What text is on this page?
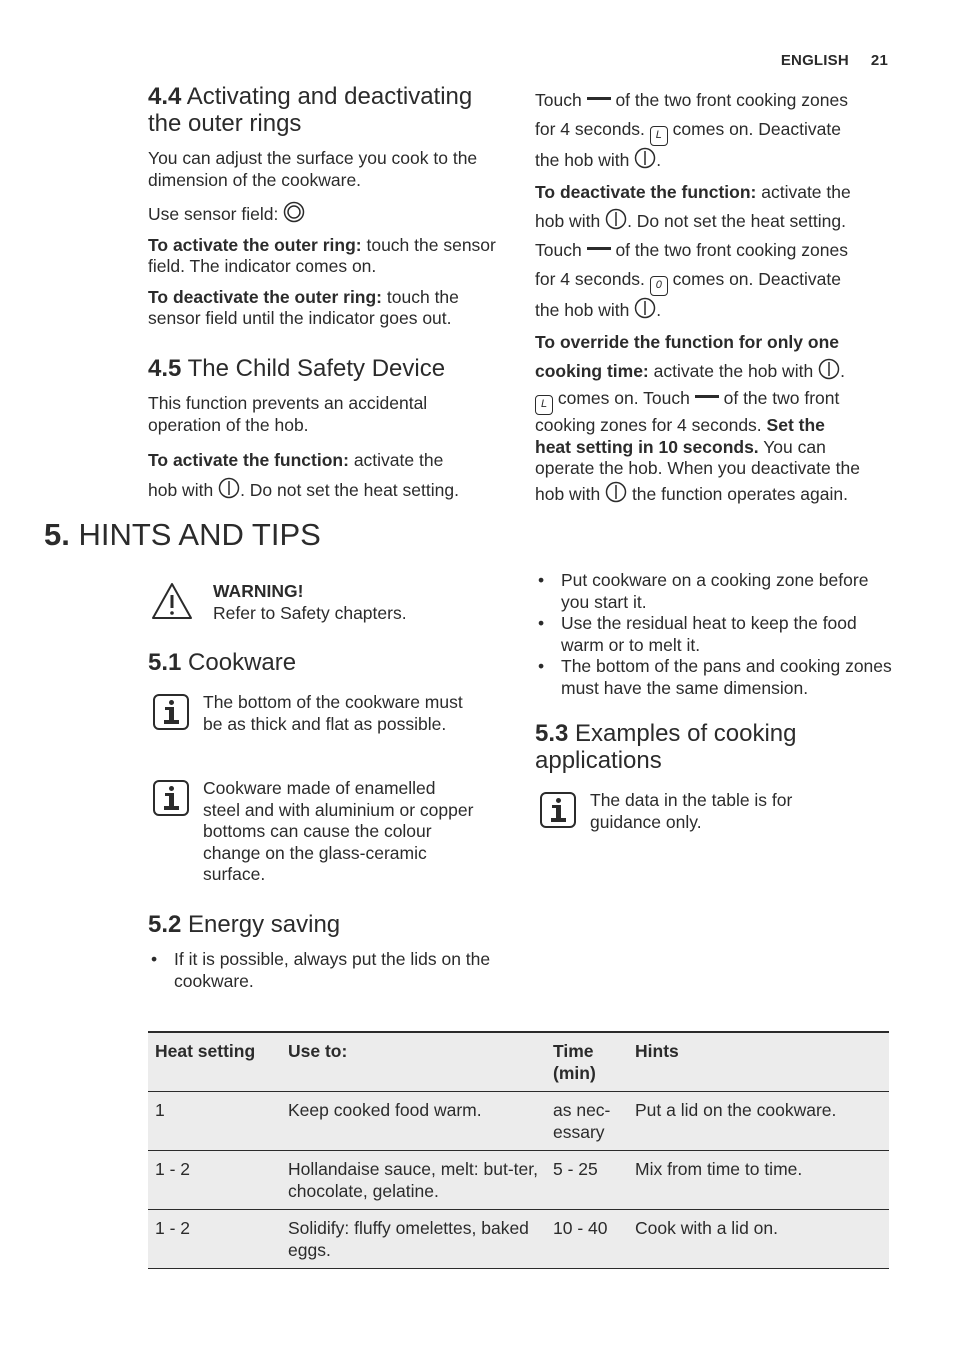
ENGLISH 21
4.4 Activating and deactivating
the outer rings

You can adjust the surface you cook to the dimension of the cookware.

Use sensor field:

To activate the outer ring: touch the sensor field. The indicator comes on.

To deactivate the outer ring: touch the sensor field until the indicator goes out.

4.5 The Child Safety Device

This function prevents an accidental operation of the hob.

To activate the function: activate the
hob with . Do not set the heat setting.

Touch of the two front cooking zones
for 4 seconds. L comes on. Deactivate
the hob with .

To deactivate the function: activate the
hob with . Do not set the heat setting.
Touch of the two front cooking zones
for 4 seconds. 0 comes on. Deactivate
the hob with .

To override the function for only one
cooking time: activate the hob with .

L comes on. Touch of the two front
cooking zones for 4 seconds. Set the
heat setting in 10 seconds. You can
operate the hob. When you deactivate the

hob with the function operates again.

5. HINTS AND TIPS
WARNING!
Refer to Safety chapters.
5.1 Cookware
The bottom of the cookware must be as thick and flat as possible.
Cookware made of enamelled steel and with aluminium or copper bottoms can cause the colour change on the glass-ceramic surface.
5.2 Energy saving
• If it is possible, always put the lids on the cookware.
• Put cookware on a cooking zone before you start it.
• Use the residual heat to keep the food warm or to melt it.
• The bottom of the pans and cooking zones must have the same dimension.
5.3 Examples of cooking
applications
The data in the table is for guidance only.
Heat setting	Use to:	Time (min)	Hints
1	Keep cooked food warm.	as nec-essary	Put a lid on the cookware.
1 - 2	Hollandaise sauce, melt: but-ter, chocolate, gelatine.	5 - 25	Mix from time to time.
1 - 2	Solidify: fluffy omelettes, baked eggs.	10 - 40	Cook with a lid on.
